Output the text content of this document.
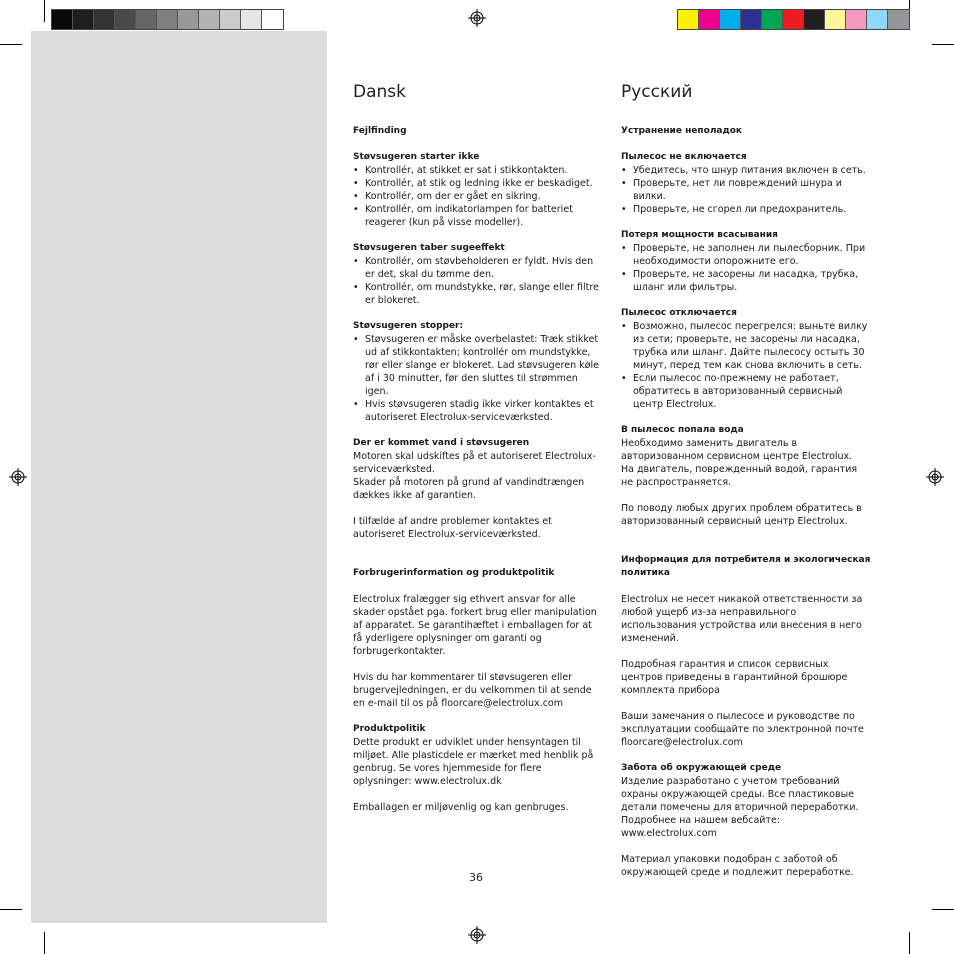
Dansk
Fejlfinding
Støvsugeren starter ikke
• Kontrollér, at stikket er sat i stikkontakten.
• Kontrollér, at stik og ledning ikke er beskadiget.
• Kontrollér, om der er gået en sikring.
• Kontrollér, om indikatorlampen for batteriet reagerer (kun på visse modeller).
Støvsugeren taber sugeeffekt
• Kontrollér, om støvbeholderen er fyldt. Hvis den er det, skal du tømme den.
• Kontrollér, om mundstykke, rør, slange eller filtre er blokeret.
Støvsugeren stopper:
• Støvsugeren er måske overbelastet: Træk stikket ud af stikkontakten; kontrollér om mundstykke, rør eller slange er blokeret. Lad støvsugeren køle af i 30 minutter, før den sluttes til strømmen igen.
• Hvis støvsugeren stadig ikke virker kontaktes et autoriseret Electrolux-serviceværksted.
Der er kommet vand i støvsugeren

Motoren skal udskiftes på et autoriseret Electrolux-serviceværksted.

Skader på motoren på grund af vandindtrængen dækkes ikke af garantien.

I tilfælde af andre problemer kontaktes et autoriseret Electrolux-serviceværksted.

Forbrugerinformation og produktpolitik

Electrolux fralægger sig ethvert ansvar for alle skader opstået pga. forkert brug eller manipulation af apparatet. Se garantihæftet i emballagen for at få yderligere oplysninger om garanti og forbrugerkontakter.

Hvis du har kommentarer til støvsugeren eller brugervejledningen, er du velkommen til at sende en e-mail til os på floorcare@electrolux.com

Produktpolitik

Dette produkt er udviklet under hensyntagen til miljøet. Alle plasticdele er mærket med henblik på genbrug. Se vores hjemmeside for flere oplysninger: www.electrolux.dk

Emballagen er miljøvenlig og kan genbruges.

Русский
Устранение неполадок
Пылесос не включается
• Убедитесь, что шнур питания включен в сеть.
• Проверьте, нет ли повреждений шнура и вилки.
• Проверьте, не сгорел ли предохранитель.
Потеря мощности всасывания
• Проверьте, не заполнен ли пылесборник. При необходимости опорожните его.
• Проверьте, не засорены ли насадка, трубка, шланг или фильтры.
Пылесос отключается
• Возможно, пылесос перегрелся: выньте вилку из сети; проверьте, не засорены ли насадка, трубка или шланг. Дайте пылесосу остыть 30 минут, перед тем как снова включить в сеть.
• Если пылесос по-прежнему не работает, обратитесь в авторизованный сервисный центр Electrolux.
В пылесос попала вода

Необходимо заменить двигатель в авторизованном сервисном центре Electrolux.

На двигатель, поврежденный водой, гарантия не распространяется.

По поводу любых других проблем обратитесь в авторизованный сервисный центр Electrolux.

Информация для потребителя и экологическая политика

Electrolux не несет никакой ответственности за любой ущерб из-за неправильного использования устройства или внесения в него изменений.

Подробная гарантия и список сервисных центров приведены в гарантийной брошюре комплекта прибора

Ваши замечания о пылесосе и руководстве по эксплуатации сообщайте по электронной почте floorcare@electrolux.com

Забота об окружающей среде

Изделие разработано с учетом требований охраны окружающей среды. Все пластиковые детали помечены для вторичной переработки. Подробнее на нашем вебсайте: www.electrolux.com

Материал упаковки подобран с заботой об окружающей среде и подлежит переработке.

36
